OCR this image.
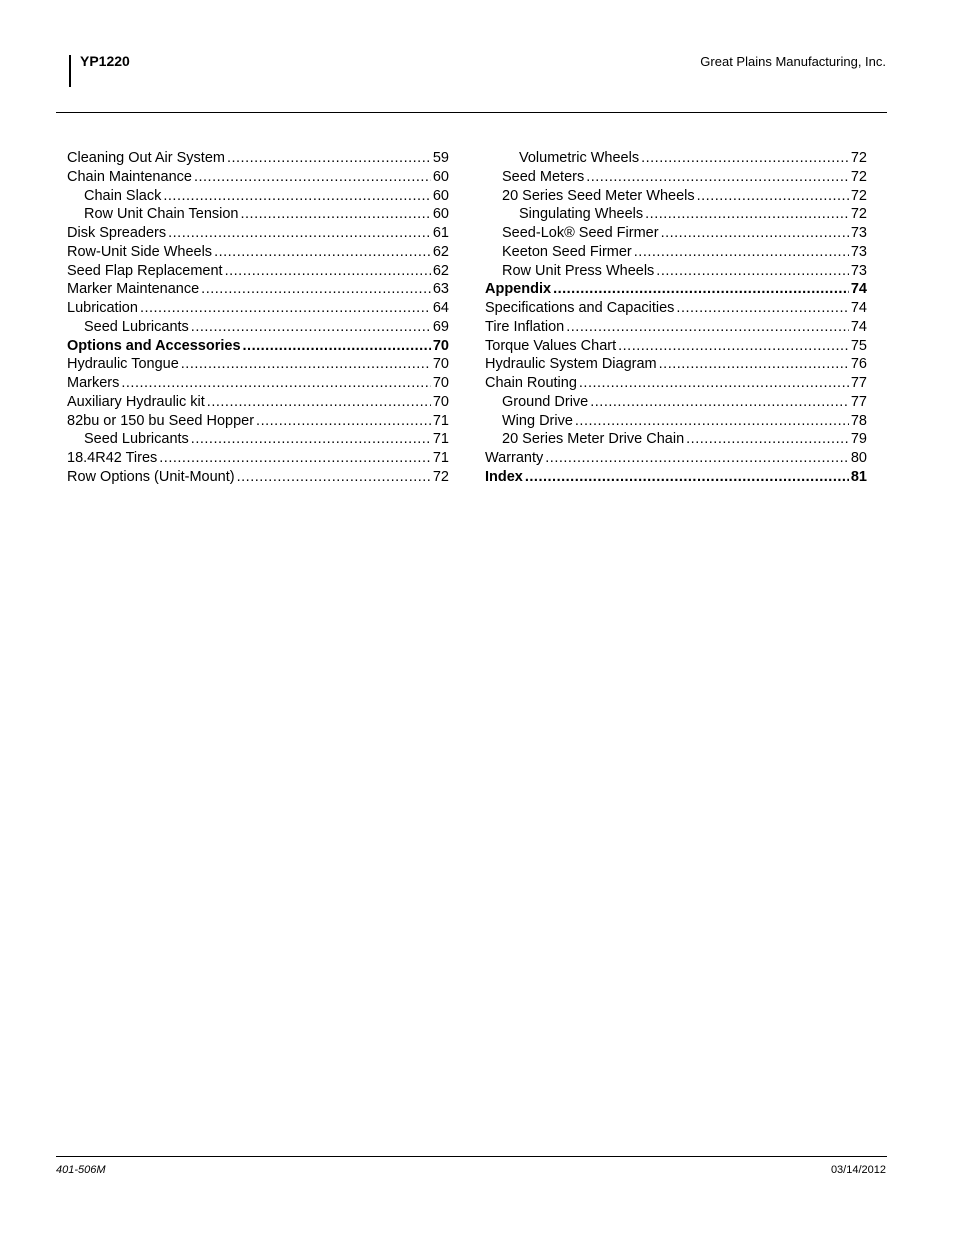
YP1220	Great Plains Manufacturing, Inc.
Cleaning Out Air System .....	59
Chain Maintenance .....	60
Chain Slack .....	60
Row Unit Chain Tension .....	60
Disk Spreaders .....	61
Row-Unit Side Wheels .....	62
Seed Flap Replacement .....	62
Marker Maintenance .....	63
Lubrication .....	64
Seed Lubricants .....	69
Options and Accessories .....	70
Hydraulic Tongue .....	70
Markers .....	70
Auxiliary Hydraulic kit .....	70
82bu or 150 bu Seed Hopper .....	71
Seed Lubricants .....	71
18.4R42 Tires .....	71
Row Options (Unit-Mount) .....	72
Volumetric Wheels .....	72
Seed Meters .....	72
20 Series Seed Meter Wheels .....	72
Singulating Wheels .....	72
Seed-Lok® Seed Firmer .....	73
Keeton Seed Firmer .....	73
Row Unit Press Wheels .....	73
Appendix .....	74
Specifications and Capacities .....	74
Tire Inflation .....	74
Torque Values Chart .....	75
Hydraulic System Diagram .....	76
Chain Routing .....	77
Ground Drive .....	77
Wing Drive .....	78
20 Series Meter Drive Chain .....	79
Warranty .....	80
Index .....	81
401-506M	03/14/2012
